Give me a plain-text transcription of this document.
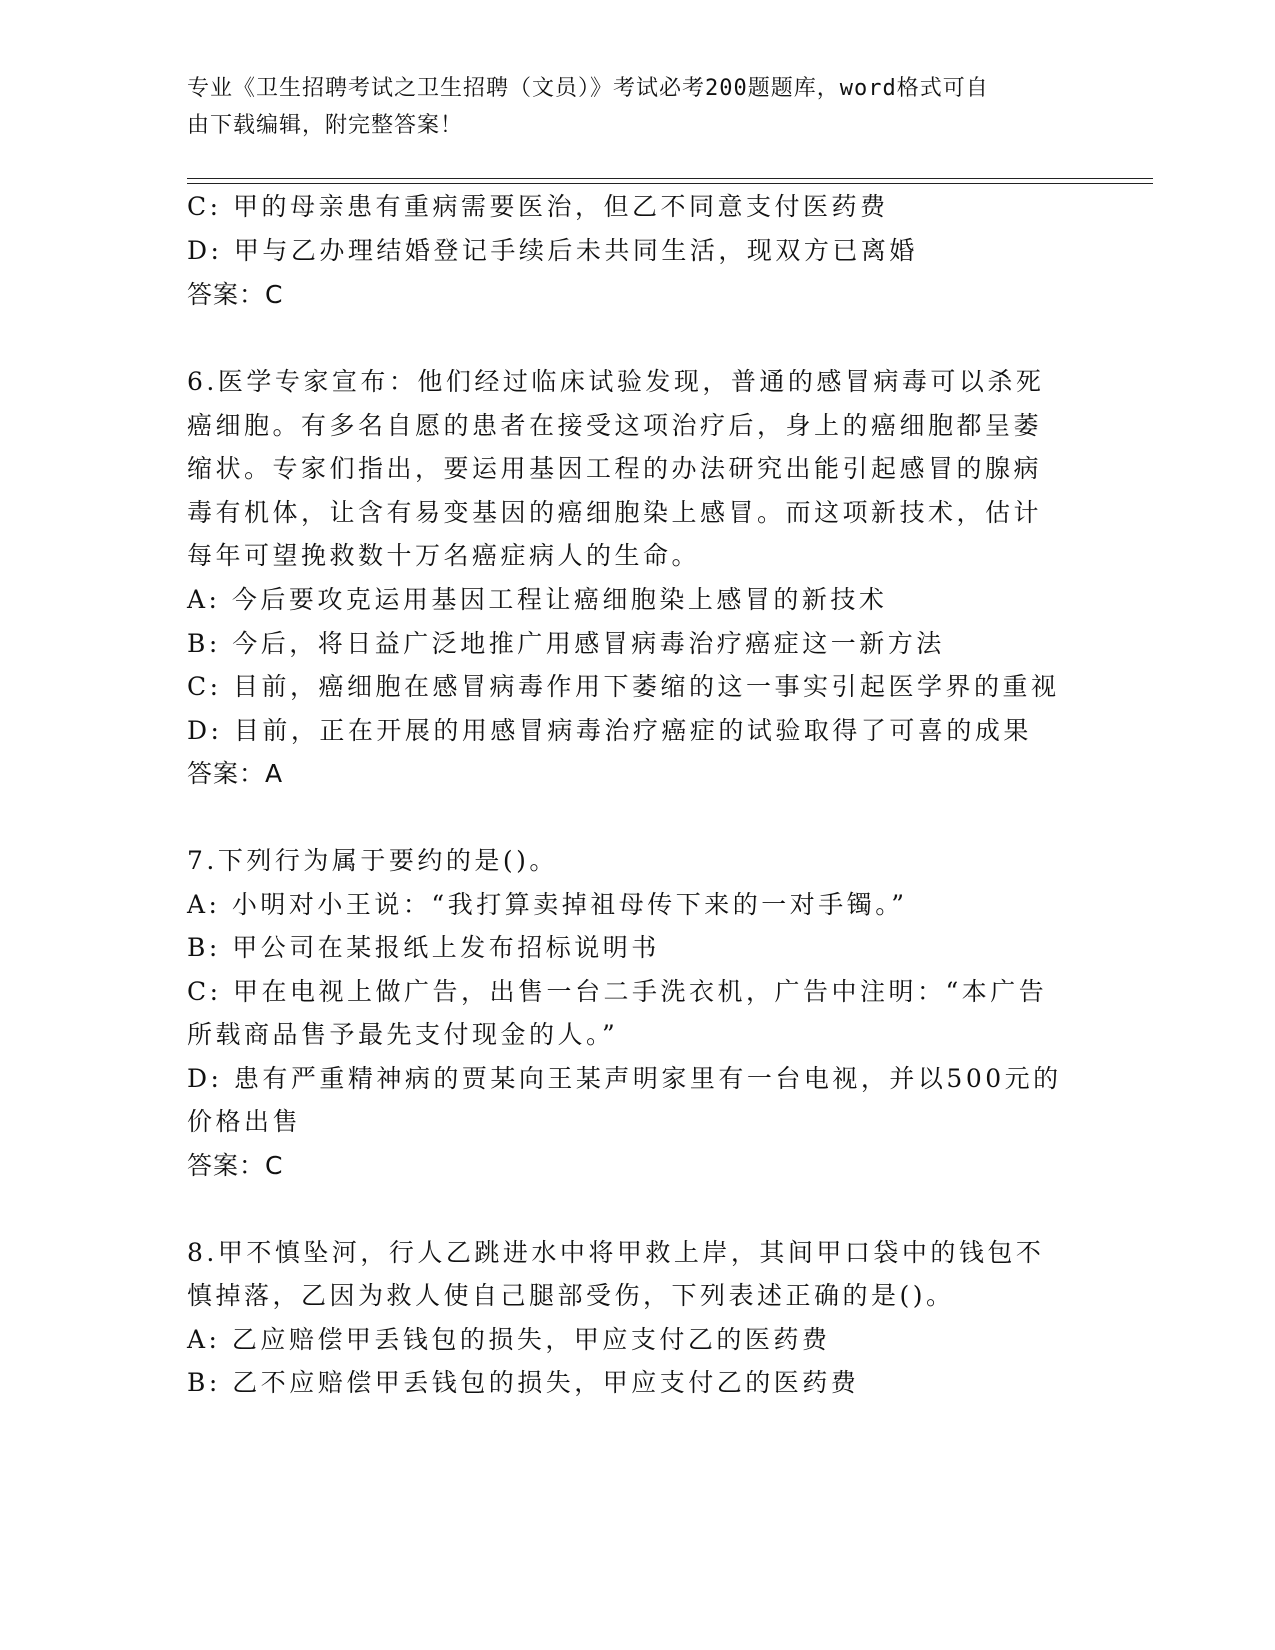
专业《卫生招聘考试之卫生招聘（文员）》考试必考200题题库，word格式可自
由下载编辑，附完整答案！
C: 甲的母亲患有重病需要医治，但乙不同意支付医药费
D: 甲与乙办理结婚登记手续后未共同生活，现双方已离婚
答案：C
6.医学专家宣布：他们经过临床试验发现，普通的感冒病毒可以杀死
癌细胞。有多名自愿的患者在接受这项治疗后，身上的癌细胞都呈萎
缩状。专家们指出，要运用基因工程的办法研究出能引起感冒的腺病
毒有机体，让含有易变基因的癌细胞染上感冒。而这项新技术，估计
每年可望挽救数十万名癌症病人的生命。
A: 今后要攻克运用基因工程让癌细胞染上感冒的新技术
B: 今后，将日益广泛地推广用感冒病毒治疗癌症这一新方法
C: 目前，癌细胞在感冒病毒作用下萎缩的这一事实引起医学界的重视
D: 目前，正在开展的用感冒病毒治疗癌症的试验取得了可喜的成果
答案：A
7.下列行为属于要约的是()。
A: 小明对小王说：“我打算卖掉祖母传下来的一对手镯。”
B: 甲公司在某报纸上发布招标说明书
C: 甲在电视上做广告，出售一台二手洗衣机，广告中注明：“本广告
所载商品售予最先支付现金的人。”
D: 患有严重精神病的贾某向王某声明家里有一台电视，并以500元的
价格出售
答案：C
8.甲不慎坠河，行人乙跳进水中将甲救上岸，其间甲口袋中的钱包不
慎掉落，乙因为救人使自己腿部受伤，下列表述正确的是()。
A: 乙应赔偿甲丢钱包的损失，甲应支付乙的医药费
B: 乙不应赔偿甲丢钱包的损失，甲应支付乙的医药费
